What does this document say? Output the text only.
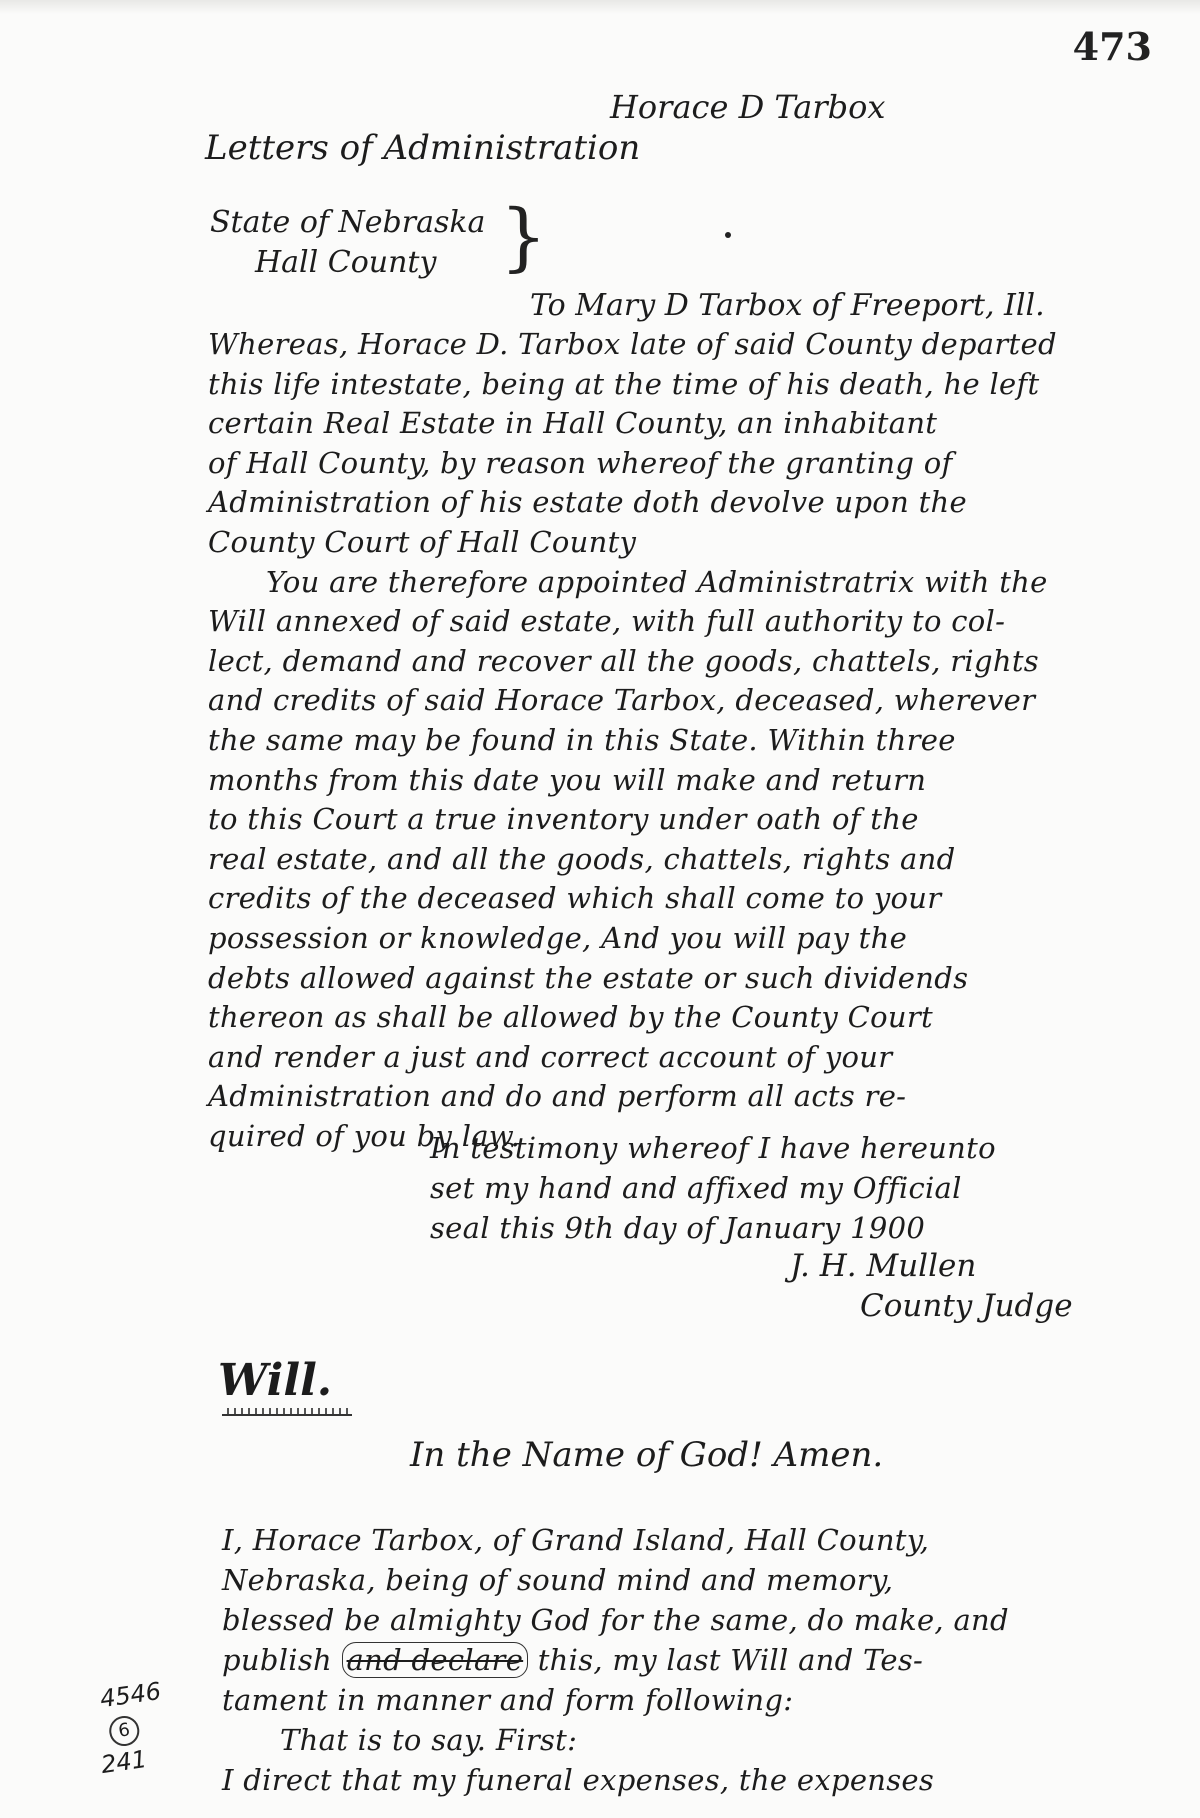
473
Horace D Tarbox
Letters of Administration
State of Nebraska
Hall County }
To Mary D Tarbox of Freeport, Ill.
Whereas, Horace D. Tarbox late of said County departed
this life intestate, being at the time of his death, he left
certain Real Estate in Hall County, an inhabitant
of Hall County, by reason whereof the granting of
Administration of his estate doth devolve upon the
County Court of Hall County
You are therefore appointed Administratrix with the
Will annexed of said estate, with full authority to col-
lect, demand and recover all the goods, chattels, rights
and credits of said Horace Tarbox, deceased, wherever
the same may be found in this State. Within three
months from this date you will make and return
to this Court a true inventory under oath of the
real estate, and all the goods, chattels, rights and
credits of the deceased which shall come to your
possession or knowledge, And you will pay the
debts allowed against the estate or such dividends
thereon as shall be allowed by the County Court
and render a just and correct account of your
Administration and do and perform all acts re-
quired of you by law.
In testimony whereof I have hereunto
set my hand and affixed my Official
seal this 9th day of January 1900
J. H. Mullen
County Judge
Will.
In the Name of God! Amen.
I, Horace Tarbox, of Grand Island, Hall County,
Nebraska, being of sound mind and memory,
blessed be almighty God for the same, do make, and
publish and declare this, my last Will and Tes-
tament in manner and form following:
That is to say. First:
I direct that my funeral expenses, the expenses
4546
6
241
